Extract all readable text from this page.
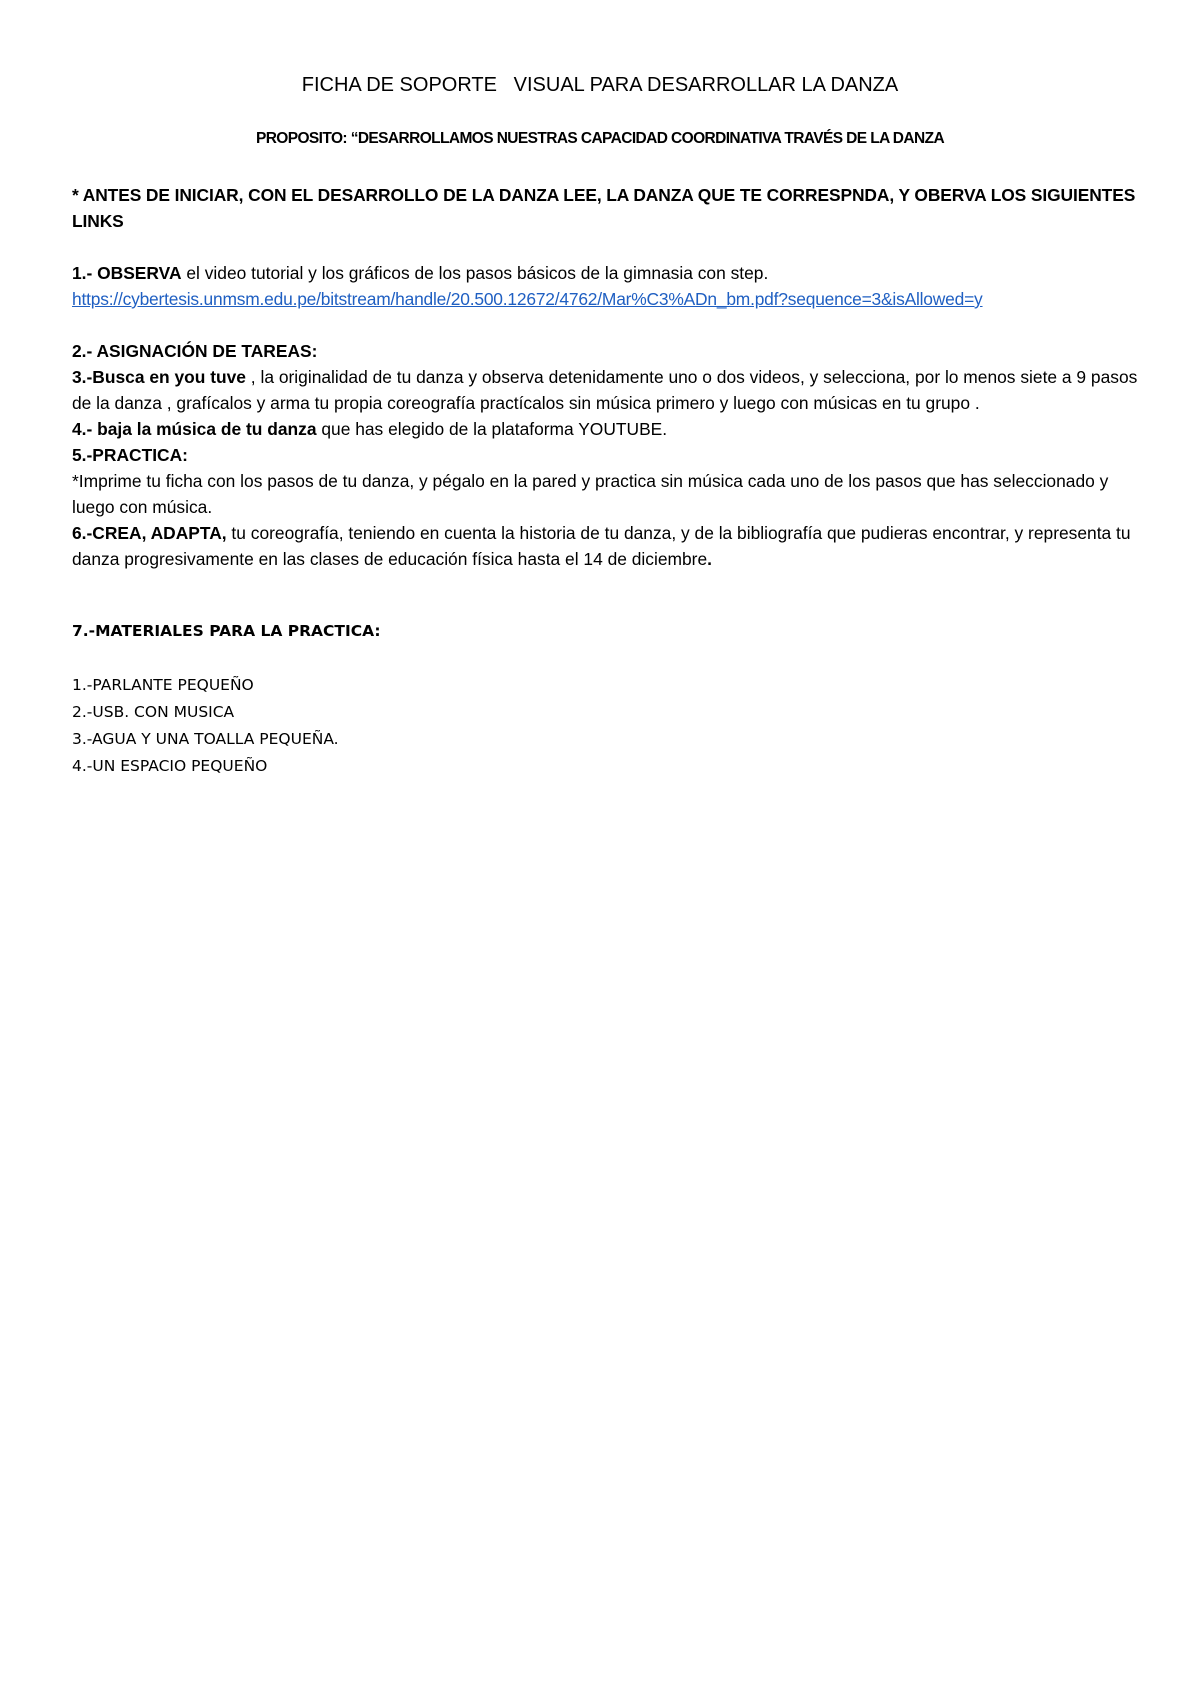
FICHA DE SOPORTE   VISUAL PARA DESARROLLAR LA DANZA
PROPOSITO: “DESARROLLAMOS NUESTRAS CAPACIDAD COORDINATIVA TRAVÉS DE LA DANZA

* ANTES DE INICIAR, CON EL DESARROLLO DE LA DANZA LEE, LA DANZA QUE TE CORRESPNDA, Y OBERVA LOS SIGUIENTES LINKS

1.- OBSERVA el video tutorial y los gráficos de los pasos básicos de la gimnasia con step.

https://cybertesis.unmsm.edu.pe/bitstream/handle/20.500.12672/4762/Mar%C3%ADn_bm.pdf?sequence=3&isAllowed=y

2.- ASIGNACIÓN DE TAREAS:

3.-Busca en you tuve , la originalidad de tu danza y observa detenidamente uno o dos videos, y selecciona, por lo menos siete a 9 pasos de la danza , grafícalos y arma tu propia coreografía practícalos sin música primero y luego con músicas en tu grupo .

4.- baja la música de tu danza que has elegido de la plataforma YOUTUBE.

5.-PRACTICA:

*Imprime tu ficha con los pasos de tu danza, y pégalo en la pared y practica sin música cada uno de los pasos que has seleccionado y luego con música.

6.-CREA, ADAPTA, tu coreografía, teniendo en cuenta la historia de tu danza, y de la bibliografía que pudieras encontrar, y representa tu danza progresivamente en las clases de educación física hasta el 14 de diciembre.

7.-MATERIALES PARA LA PRACTICA:

1.-PARLANTE PEQUEÑO
2.-USB. CON MUSICA
3.-AGUA Y UNA TOALLA PEQUEÑA.
4.-UN ESPACIO PEQUEÑO
